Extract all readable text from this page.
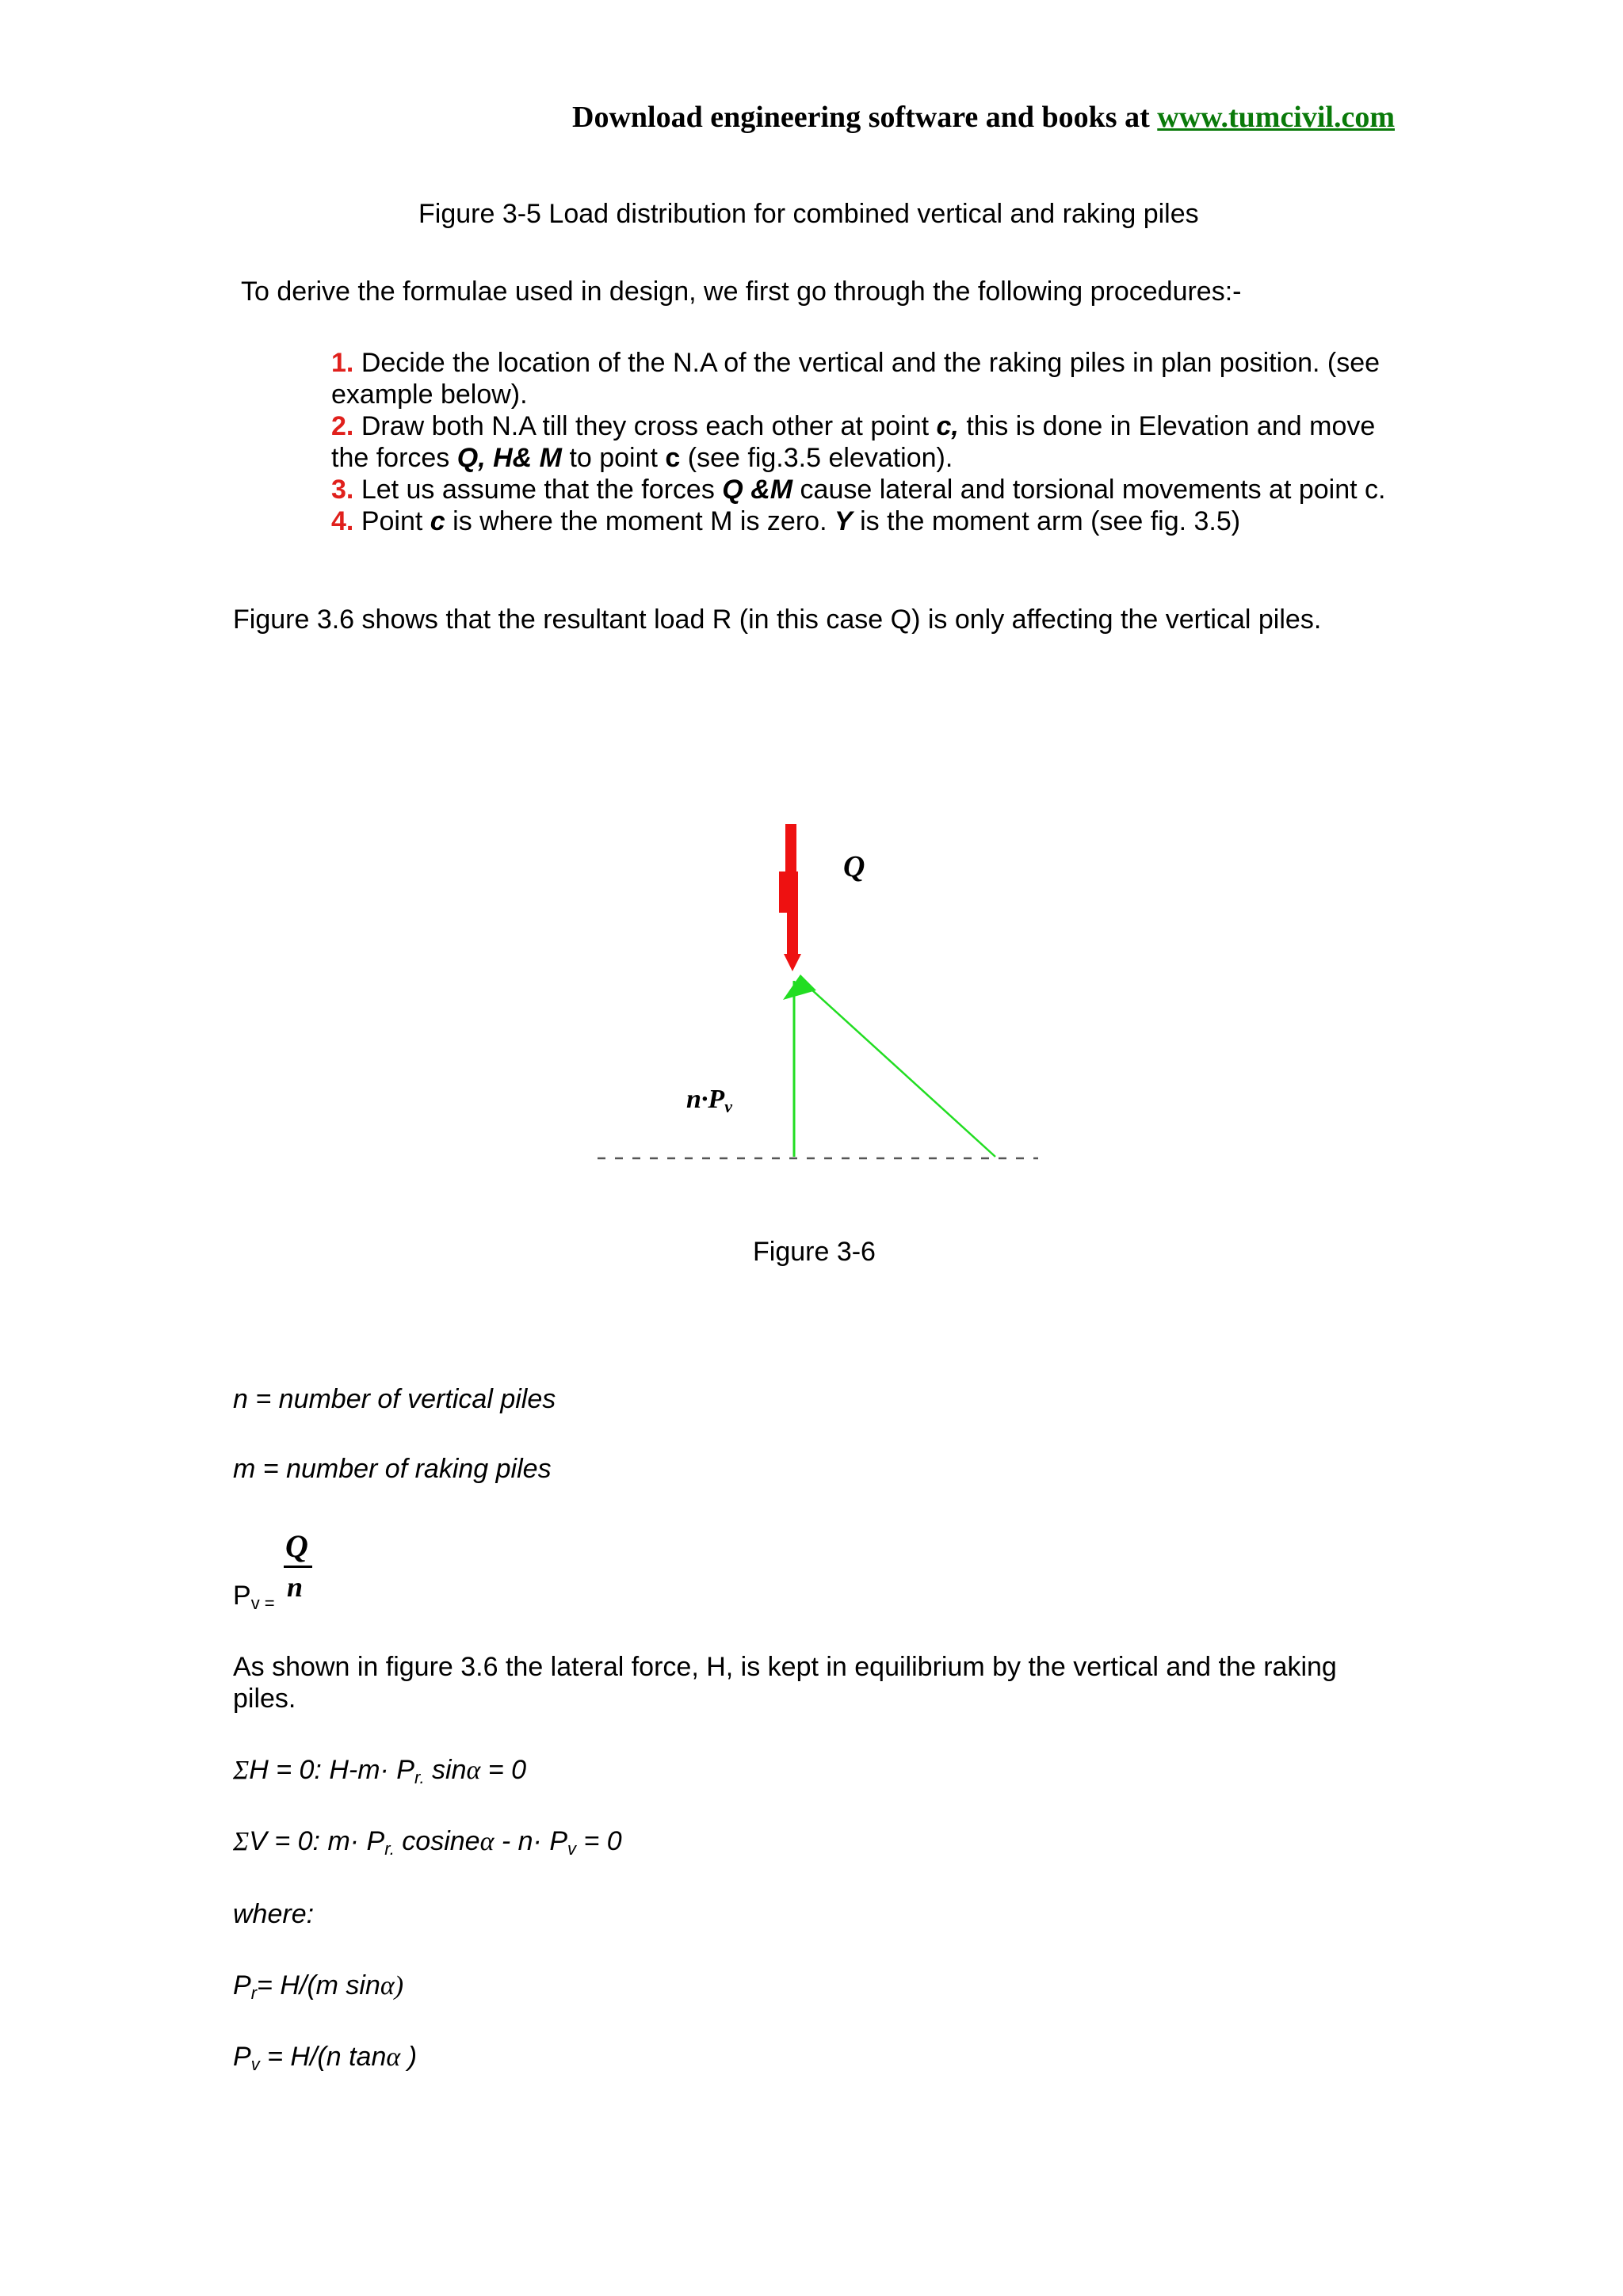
Download engineering software and books at www.tumcivil.com
Figure 3-5 Load distribution for combined vertical and raking piles
To derive the formulae used in design, we first go through the following procedures:-

1. Decide the location of the N.A of the vertical and the raking piles in plan position. (see example below).

2. Draw both N.A till they cross each other at point c, this is done in Elevation and move the forces Q, H& M to point c (see fig.3.5 elevation).

3. Let us assume that the forces Q &M cause lateral and torsional movements at point c.

4. Point c is where the moment M is zero. Y is the moment arm (see fig. 3.5)

Figure 3.6 shows that the resultant load R (in this case Q) is only affecting the vertical piles.
Q
n·Pv
Figure 3-6
n = number of vertical piles
m = number of raking piles
$P_{v =}$
Q
n
As shown in figure 3.6 the lateral force, H, is kept in equilibrium by the vertical and the raking piles.
ΣH = 0: $H-m\cdot P_{r.}$ sinα = 0
ΣV = 0: $m\cdot P_{r.}$ $cosine\alpha - n\cdot P_v = 0$
where:
$P_r= H/(m$ sinα)
$P_v = H/(n$ tanα )
